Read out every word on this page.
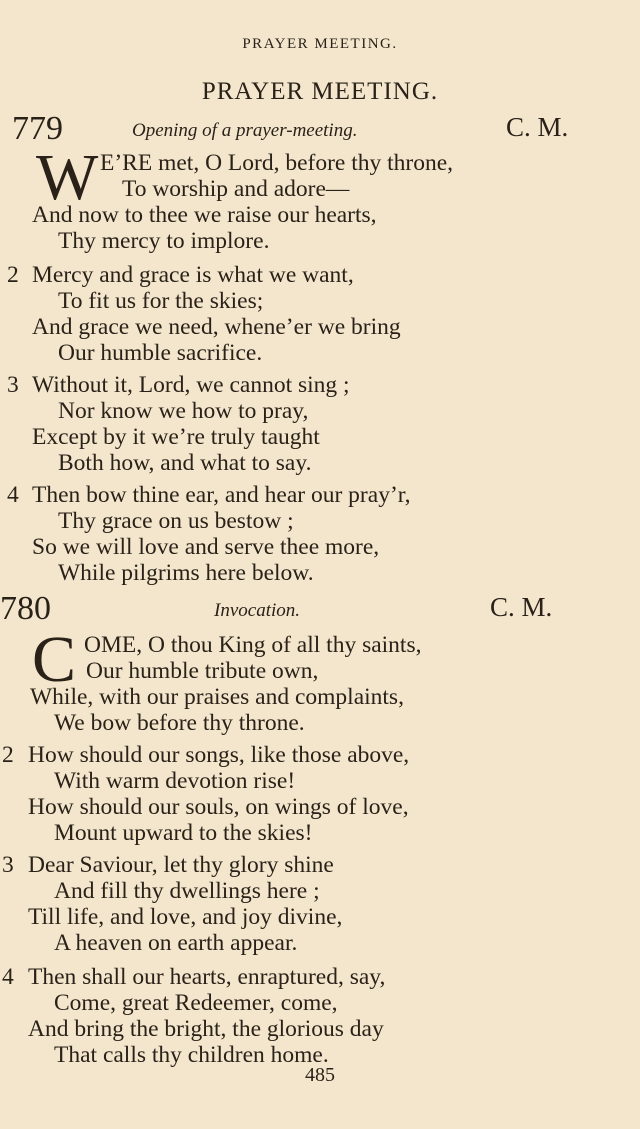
PRAYER MEETING.
PRAYER MEETING.
779	Opening of a prayer-meeting.	C. M.
W E’RE met, O Lord, before thy throne,
To worship and adore—
And now to thee we raise our hearts,
Thy mercy to implore.
2 Mercy and grace is what we want,
To fit us for the skies;
And grace we need, whene’er we bring
Our humble sacrifice.
3 Without it, Lord, we cannot sing ;
Nor know we how to pray,
Except by it we’re truly taught
Both how, and what to say.
4 Then bow thine ear, and hear our pray’r,
Thy grace on us bestow ;
So we will love and serve thee more,
While pilgrims here below.
780	Invocation.	C. M.
C OME, O thou King of all thy saints,
Our humble tribute own,
While, with our praises and complaints,
We bow before thy throne.
2 How should our songs, like those above,
With warm devotion rise!
How should our souls, on wings of love,
Mount upward to the skies!
3 Dear Saviour, let thy glory shine
And fill thy dwellings here ;
Till life, and love, and joy divine,
A heaven on earth appear.
4 Then shall our hearts, enraptured, say,
Come, great Redeemer, come,
And bring the bright, the glorious day
That calls thy children home.
485
